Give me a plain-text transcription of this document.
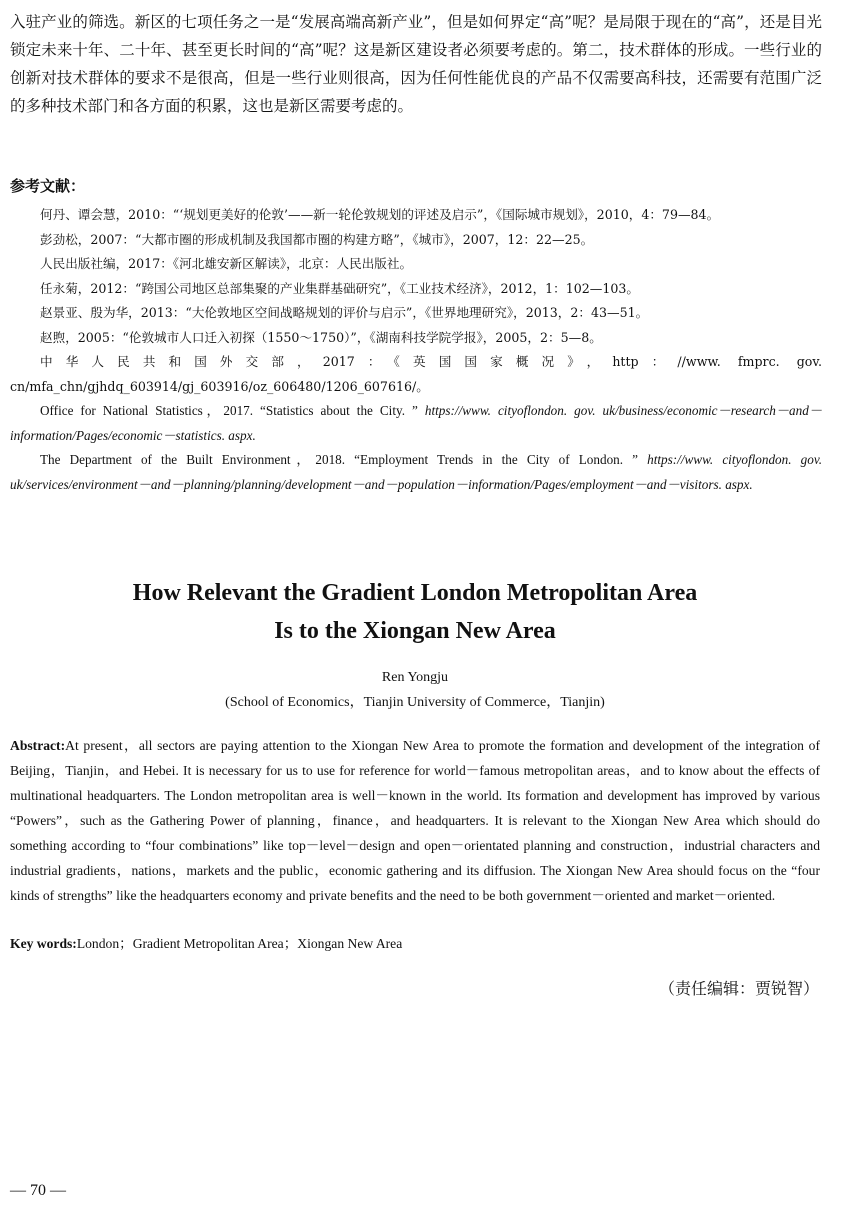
入驻产业的筛选。新区的七项任务之一是“发展高端高新产业”，但是如何界定“高”呢？是局限于现在的“高”，还是目光锁定未来十年、二十年、甚至更长时间的“高”呢？这是新区建设者必须要考虑的。第二，技术群体的形成。一些行业的创新对技术群体的要求不是很高，但是一些行业则很高，因为任何性能优良的产品不仅需要高科技，还需要有范围广泛的多种技术部门和各方面的积累，这也是新区需要考虑的。

参考文献：
何丹、谭会慧，2010：“‘规划更美好的伦敦’——新一轮伦敦规划的评述及启示”，《国际城市规划》，2010，4：79—84。
彭劲松，2007：“大都市圈的形成机制及我国都市圈的构建方略”，《城市》，2007，12：22—25。
人民出版社编，2017：《河北雄安新区解读》，北京：人民出版社。
任永菊，2012：“跨国公司地区总部集聚的产业集群基础研究”，《工业技术经济》，2012，1：102—103。
赵景亚、殷为华，2013：“大伦敦地区空间战略规划的评价与启示”，《世界地理研究》，2013，2：43—51。
赵煦，2005：“伦敦城市人口迁入初探（1550～1750）”，《湖南科技学院学报》，2005，2：5—8。
中华人民共和国外交部，2017：《英国国家概况》，http：//www. fmprc. gov. cn/mfa_chn/gjhdq_603914/gj_603916/oz_606480/1206_607616/。
Office for National Statistics，2017. “Statistics about the City. ” https://www. cityoflondon. gov. uk/business/economic－research－and－information/Pages/economic－statistics. aspx.
The Department of the Built Environment，2018. “Employment Trends in the City of London. ” https://www. cityoflondon. gov. uk/services/environment－and－planning/planning/development－and－population－information/Pages/employment－and－visitors. aspx.
How Relevant the Gradient London Metropolitan Area
Is to the Xiongan New Area

Ren Yongju

(School of Economics，Tianjin University of Commerce，Tianjin)

Abstract:At present，all sectors are paying attention to the Xiongan New Area to promote the formation and development of the integration of Beijing，Tianjin，and Hebei. It is necessary for us to use for reference for world－famous metropolitan areas，and to know about the effects of multinational headquarters. The London metropolitan area is well－known in the world. Its formation and development has improved by various “Powers”，such as the Gathering Power of planning，finance，and headquarters. It is relevant to the Xiongan New Area which should do something according to “four combinations” like top－level－design and open－orientated planning and construction，industrial characters and industrial gradients，nations，markets and the public，economic gathering and its diffusion. The Xiongan New Area should focus on the “four kinds of strengths” like the headquarters economy and private benefits and the need to be both government－oriented and market－oriented.

Key words:London；Gradient Metropolitan Area；Xiongan New Area

（责任编辑：贾锐智）

— 70 —
